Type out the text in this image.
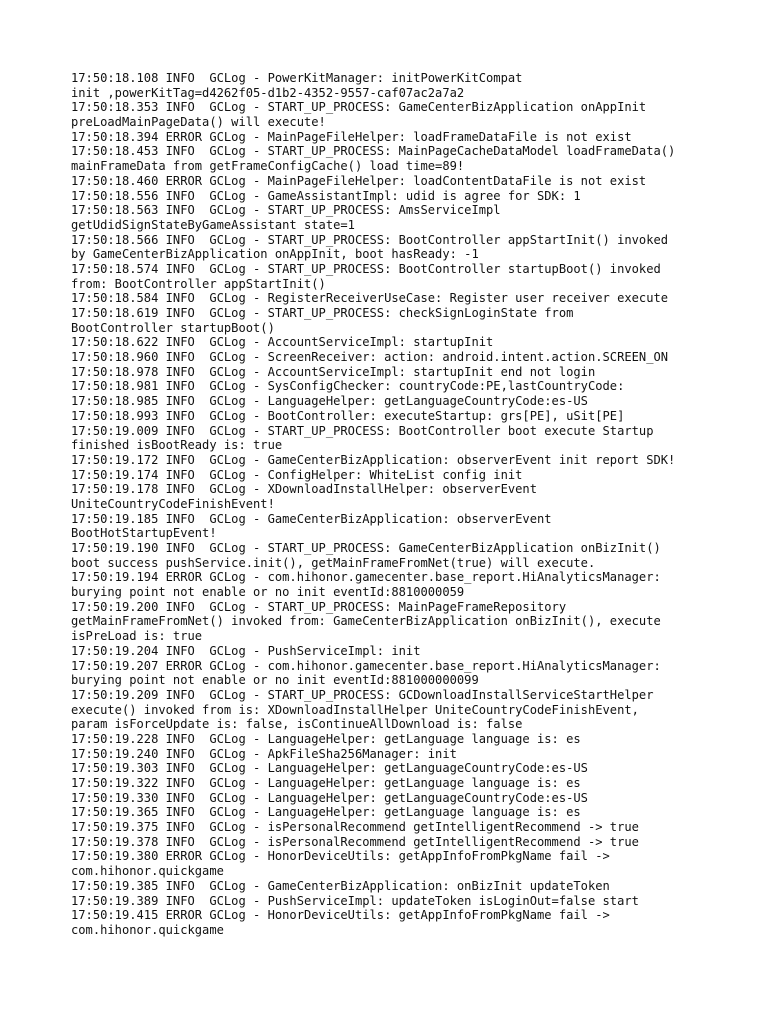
17:50:18.108 INFO  GCLog - PowerKitManager: initPowerKitCompat
init ,powerKitTag=d4262f05-d1b2-4352-9557-caf07ac2a7a2
17:50:18.353 INFO  GCLog - START_UP_PROCESS: GameCenterBizApplication onAppInit
preLoadMainPageData() will execute!
17:50:18.394 ERROR GCLog - MainPageFileHelper: loadFrameDataFile is not exist
17:50:18.453 INFO  GCLog - START_UP_PROCESS: MainPageCacheDataModel loadFrameData()
mainFrameData from getFrameConfigCache() load time=89!
17:50:18.460 ERROR GCLog - MainPageFileHelper: loadContentDataFile is not exist
17:50:18.556 INFO  GCLog - GameAssistantImpl: udid is agree for SDK: 1
17:50:18.563 INFO  GCLog - START_UP_PROCESS: AmsServiceImpl
getUdidSignStateByGameAssistant state=1
17:50:18.566 INFO  GCLog - START_UP_PROCESS: BootController appStartInit() invoked
by GameCenterBizApplication onAppInit, boot hasReady: -1
17:50:18.574 INFO  GCLog - START_UP_PROCESS: BootController startupBoot() invoked
from: BootController appStartInit()
17:50:18.584 INFO  GCLog - RegisterReceiverUseCase: Register user receiver execute
17:50:18.619 INFO  GCLog - START_UP_PROCESS: checkSignLoginState from
BootController startupBoot()
17:50:18.622 INFO  GCLog - AccountServiceImpl: startupInit
17:50:18.960 INFO  GCLog - ScreenReceiver: action: android.intent.action.SCREEN_ON
17:50:18.978 INFO  GCLog - AccountServiceImpl: startupInit end not login
17:50:18.981 INFO  GCLog - SysConfigChecker: countryCode:PE,lastCountryCode:
17:50:18.985 INFO  GCLog - LanguageHelper: getLanguageCountryCode:es-US
17:50:18.993 INFO  GCLog - BootController: executeStartup: grs[PE], uSit[PE]
17:50:19.009 INFO  GCLog - START_UP_PROCESS: BootController boot execute Startup
finished isBootReady is: true
17:50:19.172 INFO  GCLog - GameCenterBizApplication: observerEvent init report SDK!
17:50:19.174 INFO  GCLog - ConfigHelper: WhiteList config init
17:50:19.178 INFO  GCLog - XDownloadInstallHelper: observerEvent
UniteCountryCodeFinishEvent!
17:50:19.185 INFO  GCLog - GameCenterBizApplication: observerEvent
BootHotStartupEvent!
17:50:19.190 INFO  GCLog - START_UP_PROCESS: GameCenterBizApplication onBizInit()
boot success pushService.init(), getMainFrameFromNet(true) will execute.
17:50:19.194 ERROR GCLog - com.hihonor.gamecenter.base_report.HiAnalyticsManager:
burying point not enable or no init eventId:8810000059
17:50:19.200 INFO  GCLog - START_UP_PROCESS: MainPageFrameRepository
getMainFrameFromNet() invoked from: GameCenterBizApplication onBizInit(), execute
isPreLoad is: true
17:50:19.204 INFO  GCLog - PushServiceImpl: init
17:50:19.207 ERROR GCLog - com.hihonor.gamecenter.base_report.HiAnalyticsManager:
burying point not enable or no init eventId:881000000099
17:50:19.209 INFO  GCLog - START_UP_PROCESS: GCDownloadInstallServiceStartHelper
execute() invoked from is: XDownloadInstallHelper UniteCountryCodeFinishEvent,
param isForceUpdate is: false, isContinueAllDownload is: false
17:50:19.228 INFO  GCLog - LanguageHelper: getLanguage language is: es
17:50:19.240 INFO  GCLog - ApkFileSha256Manager: init
17:50:19.303 INFO  GCLog - LanguageHelper: getLanguageCountryCode:es-US
17:50:19.322 INFO  GCLog - LanguageHelper: getLanguage language is: es
17:50:19.330 INFO  GCLog - LanguageHelper: getLanguageCountryCode:es-US
17:50:19.365 INFO  GCLog - LanguageHelper: getLanguage language is: es
17:50:19.375 INFO  GCLog - isPersonalRecommend getIntelligentRecommend -> true
17:50:19.378 INFO  GCLog - isPersonalRecommend getIntelligentRecommend -> true
17:50:19.380 ERROR GCLog - HonorDeviceUtils: getAppInfoFromPkgName fail ->
com.hihonor.quickgame
17:50:19.385 INFO  GCLog - GameCenterBizApplication: onBizInit updateToken
17:50:19.389 INFO  GCLog - PushServiceImpl: updateToken isLoginOut=false start
17:50:19.415 ERROR GCLog - HonorDeviceUtils: getAppInfoFromPkgName fail ->
com.hihonor.quickgame
